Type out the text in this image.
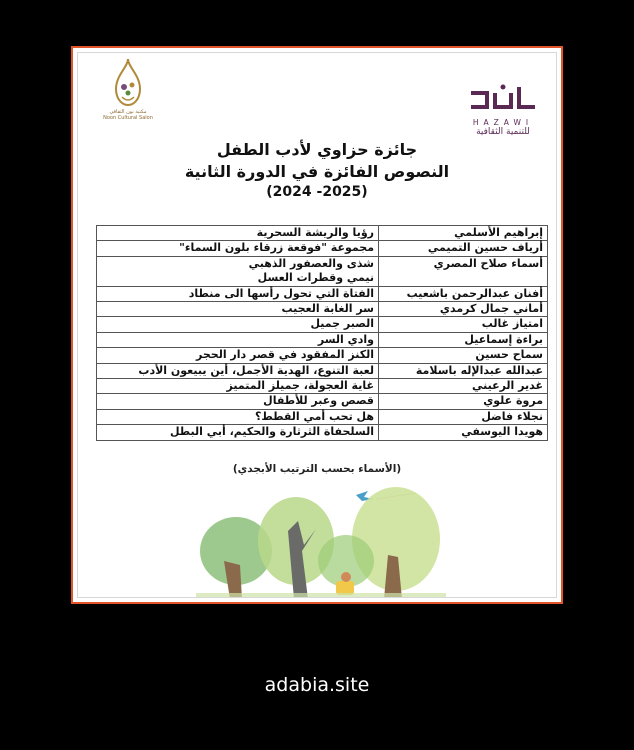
مكتبة نون الثقافي
Noon Cultural Salon	HAZAWI
للتنمية الثقافية
جائزة حزاوي لأدب الطفل
النصوص الفائزة في الدورة الثانية
(2024 -2025)
إبراهيم الأسلمي	رؤيا والريشة السحرية
أرياف حسين التميمي	مجموعة "فوقعة زرقاء بلون السماء"
أسماء صلاح المصري	شذى والعصفور الذهبي
نيمي وقطرات العسل

أفنان عبدالرحمن باشعيب	الفتاة التي تحول رأسها الى منطاد
أماني جمال كرمدي	سر الغابة العجيب
امتياز غالب	الصبر جميل
براءة إسماعيل	وادي السر
سماح حسين	الكنز المفقود في قصر دار الحجر
عبدالله عبدالإله باسلامة	لعبة التنوع، الهدية الأجمل، أين يبيعون الأدب
غدير الرعيني	غاية العجولة، جميلز المتميز
مروة علوي	قصص وعبر للأطفال
نجلاء فاضل	هل تحب أمي القطط؟
هويدا اليوسفي	السلحفاة الثرثارة والحكيم، أبي البطل
(الأسماء بحسب الترتيب الأبجدي)
adabia.site
